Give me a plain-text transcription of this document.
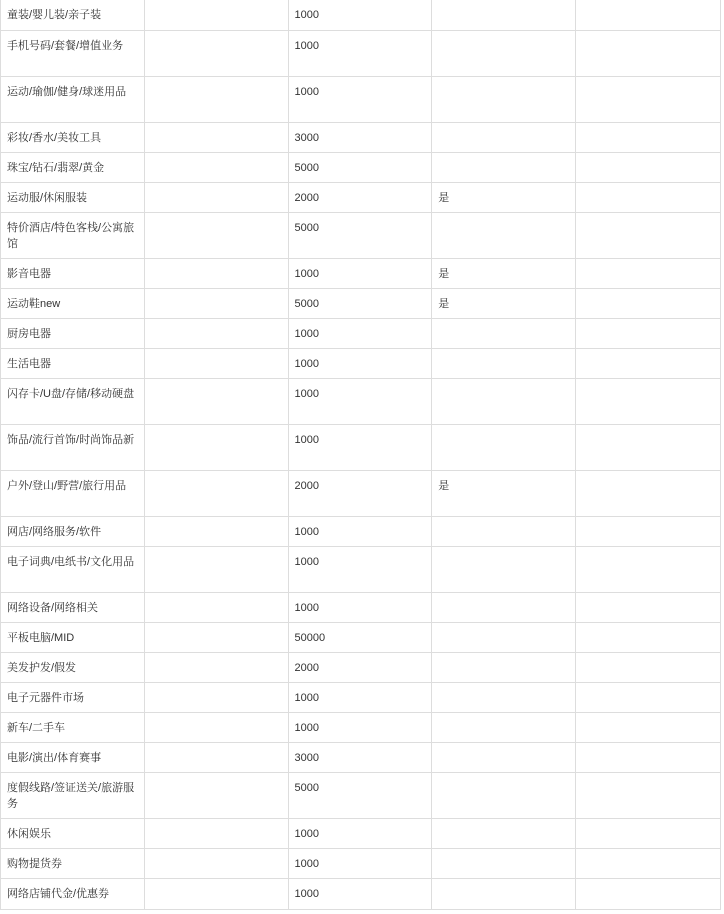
童装/婴儿装/亲子装		1000		
手机号码/套餐/增值业务		1000		
运动/瑜伽/健身/球迷用品		1000		
彩妆/香水/美妆工具		3000		
珠宝/钻石/翡翠/黄金		5000		
运动服/休闲服装		2000	是	
特价酒店/特色客栈/公寓旅馆		5000		
影音电器		1000	是	
运动鞋new		5000	是	
厨房电器		1000		
生活电器		1000		
闪存卡/U盘/存储/移动硬盘		1000		
饰品/流行首饰/时尚饰品新		1000		
户外/登山/野营/旅行用品		2000	是	
网店/网络服务/软件		1000		
电子词典/电纸书/文化用品		1000		
网络设备/网络相关		1000		
平板电脑/MID		50000		
美发护发/假发		2000		
电子元器件市场		1000		
新车/二手车		1000		
电影/演出/体育赛事		3000		
度假线路/签证送关/旅游服务		5000		
休闲娱乐		1000		
购物提货券		1000		
网络店铺代金/优惠券		1000		
